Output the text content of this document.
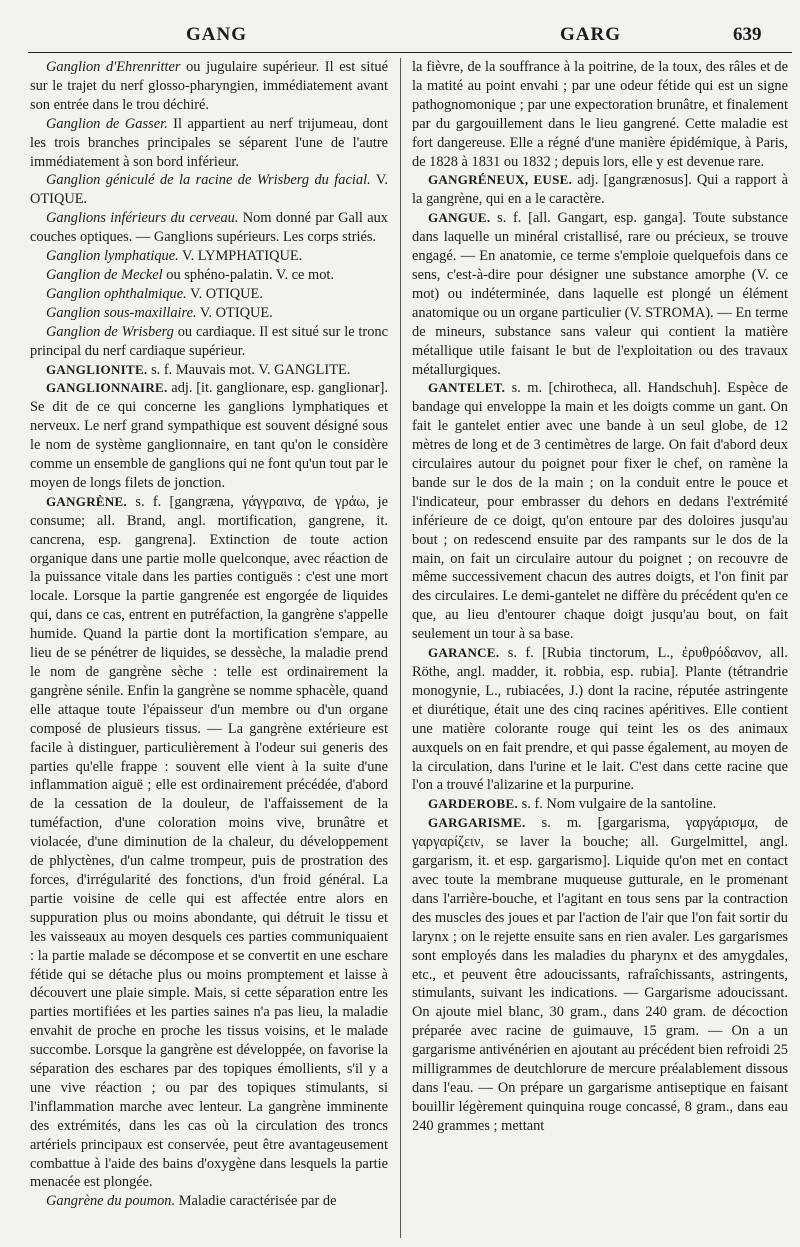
GANG	GARG	639

Ganglion d'Ehrenritter ou jugulaire supérieur. Il est situé sur le trajet du nerf glosso-pharyngien, immédiatement avant son entrée dans le trou déchiré.

Ganglion de Gasser. Il appartient au nerf trijumeau, dont les trois branches principales se séparent l'une de l'autre immédiatement à son bord inférieur.

Ganglion géniculé de la racine de Wrisberg du facial. V. OTIQUE.

Ganglions inférieurs du cerveau. Nom donné par Gall aux couches optiques. — Ganglions supérieurs. Les corps striés.

Ganglion lymphatique. V. LYMPHATIQUE.

Ganglion de Meckel ou sphéno-palatin. V. ce mot.

Ganglion ophthalmique. V. OTIQUE.

Ganglion sous-maxillaire. V. OTIQUE.

Ganglion de Wrisberg ou cardiaque. Il est situé sur le tronc principal du nerf cardiaque supérieur.

GANGLIONITE. s. f. Mauvais mot. V. GANGLITE.

GANGLIONNAIRE. adj. [it. ganglionare, esp. ganglionar]. Se dit de ce qui concerne les ganglions lymphatiques et nerveux. Le nerf grand sympathique est souvent désigné sous le nom de système ganglionnaire, en tant qu'on le considère comme un ensemble de ganglions qui ne font qu'un tout par le moyen de longs filets de jonction.

GANGRÈNE. s. f. [gangræna, γάγγραινα, de γράω, je consume; all. Brand, angl. mortification, gangrene, it. cancrena, esp. gangrena]. Extinction de toute action organique dans une partie molle quelconque, avec réaction de la puissance vitale dans les parties contiguës : c'est une mort locale. Lorsque la partie gangrenée est engorgée de liquides qui, dans ce cas, entrent en putréfaction, la gangrène s'appelle humide. Quand la partie dont la mortification s'empare, au lieu de se pénétrer de liquides, se dessèche, la maladie prend le nom de gangrène sèche : telle est ordinairement la gangrène sénile. Enfin la gangrène se nomme sphacèle, quand elle attaque toute l'épaisseur d'un membre ou d'un organe composé de plusieurs tissus. — La gangrène extérieure est facile à distinguer, particulièrement à l'odeur sui generis des parties qu'elle frappe : souvent elle vient à la suite d'une inflammation aiguë ; elle est ordinairement précédée, d'abord de la cessation de la douleur, de l'affaissement de la tuméfaction, d'une coloration moins vive, brunâtre et violacée, d'une diminution de la chaleur, du développement de phlyctènes, d'un calme trompeur, puis de prostration des forces, d'irrégularité des fonctions, d'un froid général. La partie voisine de celle qui est affectée entre alors en suppuration plus ou moins abondante, qui détruit le tissu et les vaisseaux au moyen desquels ces parties communiquaient : la partie malade se décompose et se convertit en une eschare fétide qui se détache plus ou moins promptement et laisse à découvert une plaie simple. Mais, si cette séparation entre les parties mortifiées et les parties saines n'a pas lieu, la maladie envahit de proche en proche les tissus voisins, et le malade succombe. Lorsque la gangrène est développée, on favorise la séparation des eschares par des topiques émollients, s'il y a une vive réaction ; ou par des topiques stimulants, si l'inflammation marche avec lenteur. La gangrène imminente des extrémités, dans les cas où la circulation des troncs artériels principaux est conservée, peut être avantageusement combattue à l'aide des bains d'oxygène dans lesquels la partie menacée est plongée.

Gangrène du poumon. Maladie caractérisée par de

la fièvre, de la souffrance à la poitrine, de la toux, des râles et de la matité au point envahi ; par une odeur fétide qui est un signe pathognomonique ; par une expectoration brunâtre, et finalement par du gargouillement dans le lieu gangrené. Cette maladie est fort dangereuse. Elle a régné d'une manière épidémique, à Paris, de 1828 à 1831 ou 1832 ; depuis lors, elle y est devenue rare.

GANGRÉNEUX, EUSE. adj. [gangrænosus]. Qui a rapport à la gangrène, qui en a le caractère.

GANGUE. s. f. [all. Gangart, esp. ganga]. Toute substance dans laquelle un minéral cristallisé, rare ou précieux, se trouve engagé. — En anatomie, ce terme s'emploie quelquefois dans ce sens, c'est-à-dire pour désigner une substance amorphe (V. ce mot) ou indéterminée, dans laquelle est plongé un élément anatomique ou un organe particulier (V. STROMA). — En terme de mineurs, substance sans valeur qui contient la matière métallique utile faisant le but de l'exploitation ou des travaux métallurgiques.

GANTELET. s. m. [chirotheca, all. Handschuh]. Espèce de bandage qui enveloppe la main et les doigts comme un gant. On fait le gantelet entier avec une bande à un seul globe, de 12 mètres de long et de 3 centimètres de large. On fait d'abord deux circulaires autour du poignet pour fixer le chef, on ramène la bande sur le dos de la main ; on la conduit entre le pouce et l'indicateur, pour embrasser du dehors en dedans l'extrémité inférieure de ce doigt, qu'on entoure par des doloires jusqu'au bout ; on redescend ensuite par des rampants sur le dos de la main, on fait un circulaire autour du poignet ; on recouvre de même successivement chacun des autres doigts, et l'on finit par des circulaires. Le demi-gantelet ne diffère du précédent qu'en ce que, au lieu d'entourer chaque doigt jusqu'au bout, on fait seulement un tour à sa base.

GARANCE. s. f. [Rubia tinctorum, L., ἐρυθρόδανον, all. Röthe, angl. madder, it. robbia, esp. rubia]. Plante (tétrandrie monogynie, L., rubiacées, J.) dont la racine, réputée astringente et diurétique, était une des cinq racines apéritives. Elle contient une matière colorante rouge qui teint les os des animaux auxquels on en fait prendre, et qui passe également, au moyen de la circulation, dans l'urine et le lait. C'est dans cette racine que l'on a trouvé l'alizarine et la purpurine.

GARDEROBE. s. f. Nom vulgaire de la santoline.

GARGARISME. s. m. [gargarisma, γαργάρισμα, de γαργαρίζειν, se laver la bouche; all. Gurgelmittel, angl. gargarism, it. et esp. gargarismo]. Liquide qu'on met en contact avec toute la membrane muqueuse gutturale, en le promenant dans l'arrière-bouche, et l'agitant en tous sens par la contraction des muscles des joues et par l'action de l'air que l'on fait sortir du larynx ; on le rejette ensuite sans en rien avaler. Les gargarismes sont employés dans les maladies du pharynx et des amygdales, etc., et peuvent être adoucissants, rafraîchissants, astringents, stimulants, suivant les indications. — Gargarisme adoucissant. On ajoute miel blanc, 30 gram., dans 240 gram. de décoction préparée avec racine de guimauve, 15 gram. — On a un gargarisme antivénérien en ajoutant au précédent bien refroidi 25 milligrammes de deutchlorure de mercure préalablement dissous dans l'eau. — On prépare un gargarisme antiseptique en faisant bouillir légèrement quinquina rouge concassé, 8 gram., dans eau 240 grammes ; mettant
